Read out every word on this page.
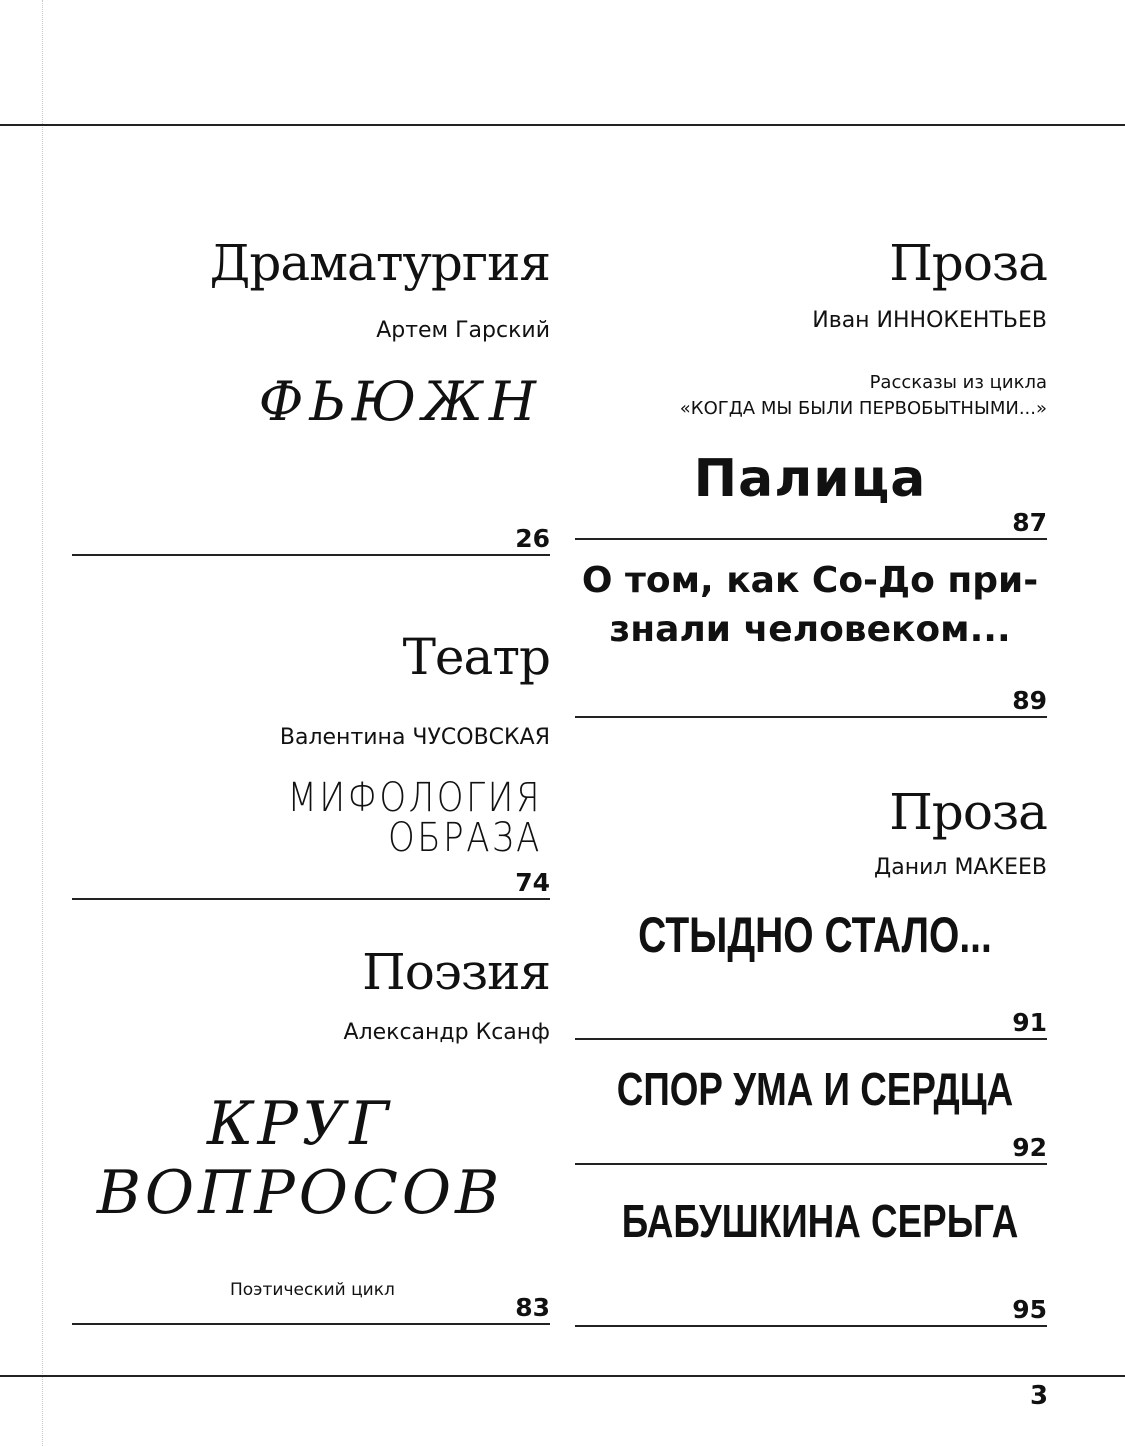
Драматургия
Артем Гарский
ФЬЮЖН
26
Театр
Валентина ЧУСОВСКАЯ
МИФОЛОГИЯ ОБРАЗА
74
Поэзия
Александр Ксанф
КРУГ
ВОПРОСОВ
Поэтический цикл
83
Проза
Иван ИННОКЕНТЬЕВ
Рассказы из цикла
«КОГДА МЫ БЫЛИ ПЕРВОБЫТНЫМИ...»
Палица
87
О том, как Со-До при-
знали человеком...
89
Проза
Данил МАКЕЕВ
СТЫДНО СТАЛО...
91
СПОР УМА И СЕРДЦА
92
БАБУШКИНА СЕРЬГА
95
3
